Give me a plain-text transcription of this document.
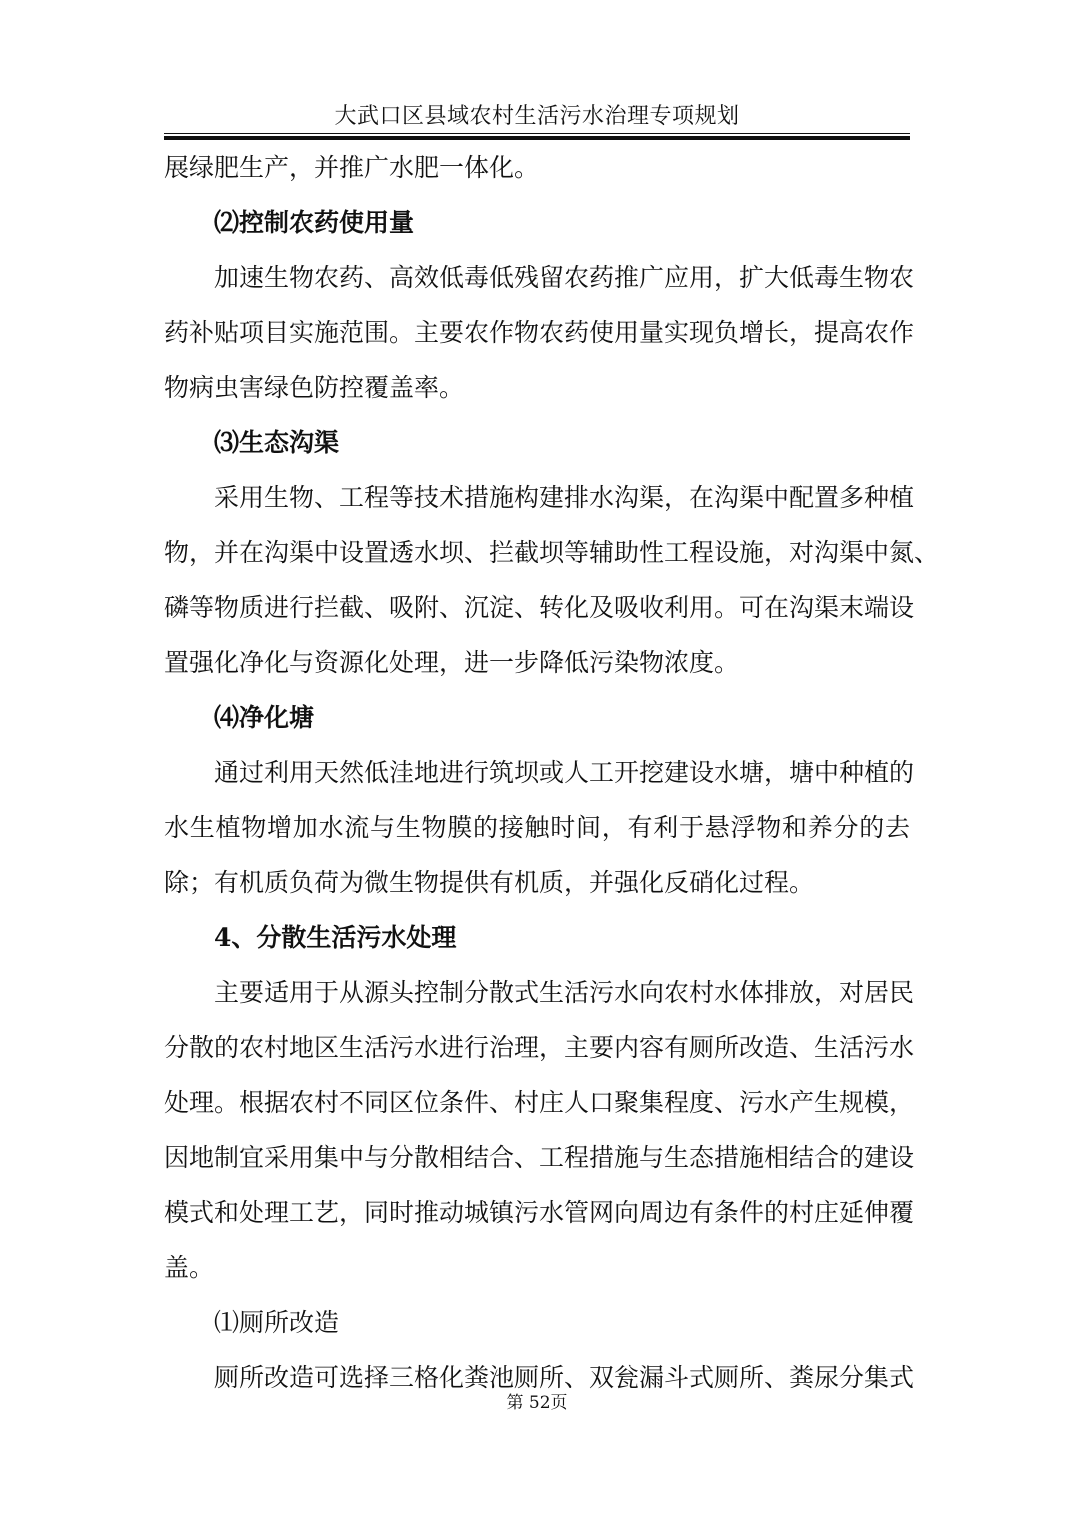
大武口区县域农村生活污水治理专项规划
展绿肥生产，并推广水肥一体化。
⑵控制农药使用量
加速生物农药、高效低毒低残留农药推广应用，扩大低毒生物农
药补贴项目实施范围。主要农作物农药使用量实现负增长，提高农作
物病虫害绿色防控覆盖率。
⑶生态沟渠
采用生物、工程等技术措施构建排水沟渠，在沟渠中配置多种植
物，并在沟渠中设置透水坝、拦截坝等辅助性工程设施，对沟渠中氮、
磷等物质进行拦截、吸附、沉淀、转化及吸收利用。可在沟渠末端设
置强化净化与资源化处理，进一步降低污染物浓度。
⑷净化塘
通过利用天然低洼地进行筑坝或人工开挖建设水塘，塘中种植的
水生植物增加水流与生物膜的接触时间，有利于悬浮物和养分的去
除；有机质负荷为微生物提供有机质，并强化反硝化过程。
4、分散生活污水处理
主要适用于从源头控制分散式生活污水向农村水体排放，对居民
分散的农村地区生活污水进行治理，主要内容有厕所改造、生活污水
处理。根据农村不同区位条件、村庄人口聚集程度、污水产生规模，
因地制宜采用集中与分散相结合、工程措施与生态措施相结合的建设
模式和处理工艺，同时推动城镇污水管网向周边有条件的村庄延伸覆
盖。
⑴厕所改造
厕所改造可选择三格化粪池厕所、双瓮漏斗式厕所、粪尿分集式
第 52页
